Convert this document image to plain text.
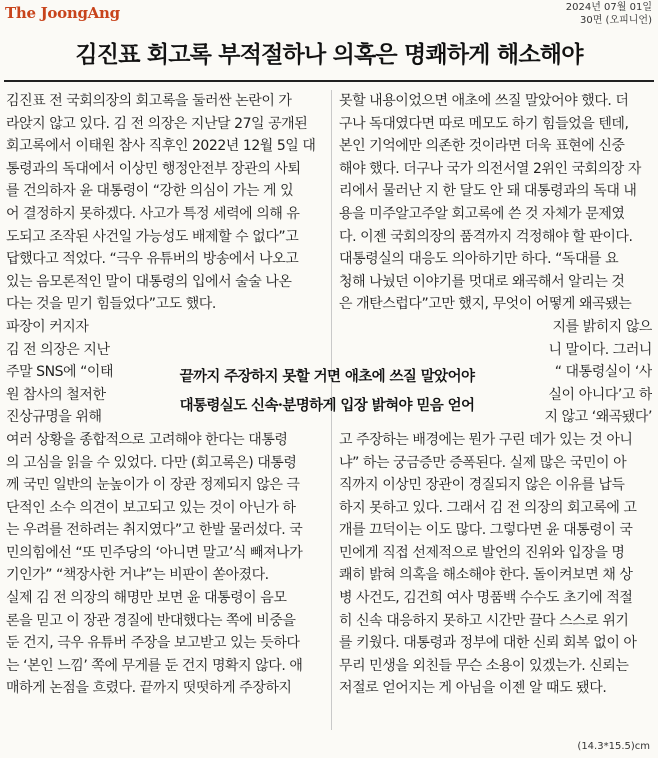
The JoongAng	2024년 07월 01일
30면 (오피니언)
김진표 회고록 부적절하나 의혹은 명쾌하게 해소해야

김진표 전 국회의장의 회고록을 둘러싼 논란이 가

라앉지 않고 있다. 김 전 의장은 지난달 27일 공개된

회고록에서 이태원 참사 직후인 2022년 12월 5일 대

통령과의 독대에서 이상민 행정안전부 장관의 사퇴

를 건의하자 윤 대통령이 “강한 의심이 가는 게 있

어 결정하지 못하겠다. 사고가 특정 세력에 의해 유

도되고 조작된 사건일 가능성도 배제할 수 없다”고

답했다고 적었다. “극우 유튜버의 방송에서 나오고

있는 음모론적인 말이 대통령의 입에서 술술 나온

다는 것을 믿기 힘들었다”고도 했다.

파장이 커지자

김 전 의장은 지난

주말 SNS에 “이태

원 참사의 철저한

진상규명을 위해

여러 상황을 종합적으로 고려해야 한다는 대통령

의 고심을 읽을 수 있었다. 다만 (회고록은) 대통령

께 국민 일반의 눈높이가 이 장관 정제되지 않은 극

단적인 소수 의견이 보고되고 있는 것이 아닌가 하

는 우려를 전하려는 취지였다”고 한발 물러섰다. 국

민의힘에선 “또 민주당의 ‘아니면 말고’식 빼져나가

기인가” “책장사한 거냐”는 비판이 쏟아졌다.

실제 김 전 의장의 해명만 보면 윤 대통령이 음모

론을 믿고 이 장관 경질에 반대했다는 쪽에 비중을

둔 건지, 극우 유튜버 주장을 보고받고 있는 듯하다

는 ‘본인 느낌’ 쪽에 무게를 둔 건지 명확지 않다. 애

매하게 논점을 흐렸다. 끝까지 떳떳하게 주장하지

못할 내용이었으면 애초에 쓰질 말았어야 했다. 더

구나 독대였다면 따로 메모도 하기 힘들었을 텐데,

본인 기억에만 의존한 것이라면 더욱 표현에 신중

해야 했다. 더구나 국가 의전서열 2위인 국회의장 자

리에서 물러난 지 한 달도 안 돼 대통령과의 독대 내

용을 미주알고주알 회고록에 쓴 것 자체가 문제였

다. 이젠 국회의장의 품격까지 걱정해야 할 판이다.

대통령실의 대응도 의아하기만 하다. “독대를 요

청해 나눴던 이야기를 멋대로 왜곡해서 알리는 것

은 개탄스럽다”고만 했지, 무엇이 어떻게 왜곡됐는

지를 밝히지 않으

니 말이다. 그러니

“ 대통령실이 ‘사

실이 아니다’고 하

지 않고 ‘왜곡됐다’

고 주장하는 배경에는 뭔가 구린 데가 있는 것 아니

냐” 하는 궁금증만 증폭된다. 실제 많은 국민이 아

직까지 이상민 장관이 경질되지 않은 이유를 납득

하지 못하고 있다. 그래서 김 전 의장의 회고록에 고

개를 끄덕이는 이도 많다. 그렇다면 윤 대통령이 국

민에게 직접 선제적으로 발언의 진위와 입장을 명

쾌히 밝혀 의혹을 해소해야 한다. 돌이켜보면 채 상

병 사건도, 김건희 여사 명품백 수수도 초기에 적절

히 신속 대응하지 못하고 시간만 끌다 스스로 위기

를 키웠다. 대통령과 정부에 대한 신뢰 회복 없이 아

무리 민생을 외친들 무슨 소용이 있겠는가. 신뢰는

저절로 얻어지는 게 아님을 이젠 알 때도 됐다.

끝까지 주장하지 못할 거면 애초에 쓰질 말았어야
대통령실도 신속·분명하게 입장 밝혀야 믿음 얻어
(14.3*15.5)cm
